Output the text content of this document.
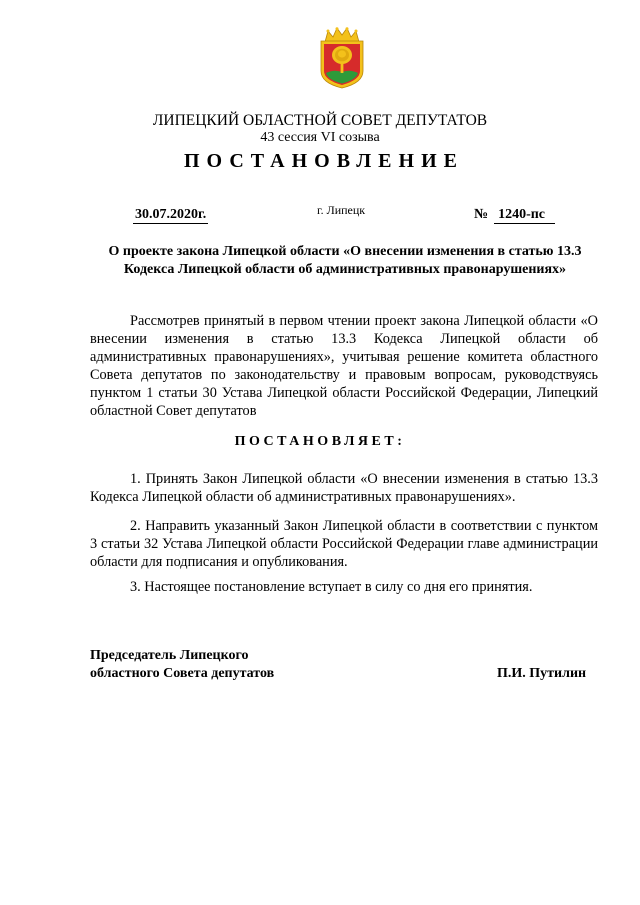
ЛИПЕЦКИЙ ОБЛАСТНОЙ СОВЕТ ДЕПУТАТОВ
43 сессия VI созыва
ПОСТАНОВЛЕНИЕ
30.07.2020г.	г. Липецк	№ 1240-пс
О проекте закона Липецкой области «О внесении изменения в статью 13.3 Кодекса Липецкой области об административных правонарушениях»
Рассмотрев принятый в первом чтении проект закона Липецкой области «О внесении изменения в статью 13.3 Кодекса Липецкой области об административных правонарушениях», учитывая решение комитета областного Совета депутатов по законодательству и правовым вопросам, руководствуясь пунктом 1 статьи 30 Устава Липецкой области Российской Федерации, Липецкий областной Совет депутатов
ПОСТАНОВЛЯЕТ:
1. Принять Закон Липецкой области «О внесении изменения в статью 13.3 Кодекса Липецкой области об административных правонарушениях».
2. Направить указанный Закон Липецкой области в соответствии с пунктом 3 статьи 32 Устава Липецкой области Российской Федерации главе администрации области для подписания и опубликования.
3. Настоящее постановление вступает в силу со дня его принятия.
Председатель Липецкого
областного Совета депутатов	П.И. Путилин
